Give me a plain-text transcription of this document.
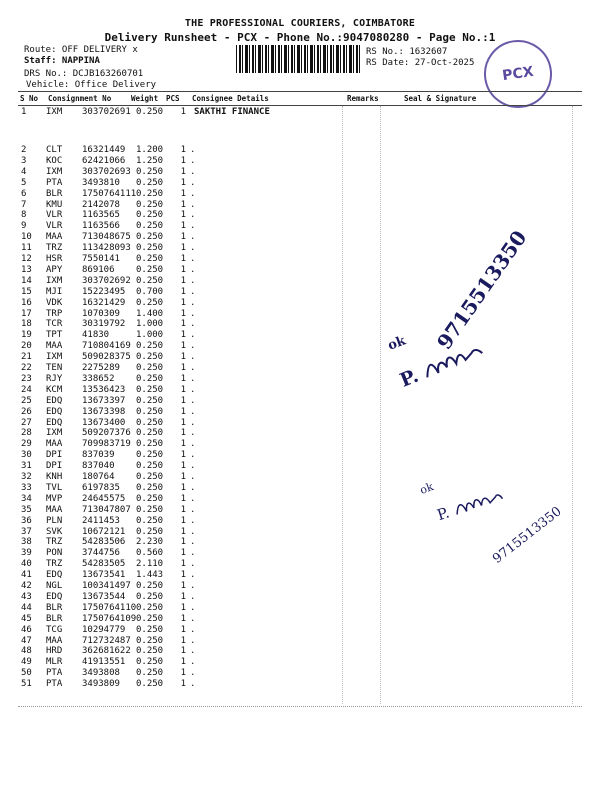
THE PROFESSIONAL COURIERS, COIMBATORE
Delivery Runsheet - PCX - Phone No.:9047080280 - Page No.:1
Route: OFF DELIVERY x
Staff: NAPPINA
DRS No.: DCJB163260701
Vehicle: Office Delivery
RS No.: 1632607
RS Date: 27-Oct-2025
PCX
S No Consignment No	Weight PCS Consignee Details	Remarks	Seal & Signature
1 IXM 303702691 0.250 1 SAKTHI FINANCE
2 CLT 16321449 1.200 1 .
3 KOC 62421066 1.250 1 .
4 IXM 303702693 0.250 1 .
5 PTA 3493810 0.250 1 .
6 BLR 1750764111 0.250 1 .
7 KMU 2142078 0.250 1 .
8 VLR 1163565 0.250 1 .
9 VLR 1163566 0.250 1 .
10 MAA 713048675 0.250 1 .
11 TRZ 113428093 0.250 1 .
12 HSR 7550141 0.250 1 .
13 APY 869106 0.250 1 .
14 IXM 303702692 0.250 1 .
15 MJI 15223495 0.700 1 .
16 VDK 16321429 0.250 1 .
17 TRP 1070309 1.400 1 .
18 TCR 30319792 1.000 1 .
19 TPT 41830	1.000 1 .
20 MAA 710804169 0.250 1 .
21 IXM 509028375 0.250 1 .
22 TEN 2275289 0.250 1 .
23 RJY 338652 0.250 1 .
24 KCM 13536423 0.250 1 .
25 EDQ 13673397 0.250 1 .
26 EDQ 13673398 0.250 1 .
27 EDQ 13673400 0.250 1 .
28 IXM 509207376 0.250 1 .
29 MAA 709983719 0.250 1 .
30 DPI 837039 0.250 1 .
31 DPI 837040 0.250 1 .
32 KNH 180764 0.250 1 .
33 TVL 6197835 0.250 1 .
34 MVP 24645575 0.250 1 .
35 MAA 713047807 0.250 1 .
36 PLN 2411453 0.250 1 .
37 SVK 10672121 0.250 1 .
38 TRZ 54283506 2.230 1 .
39 PON 3744756 0.560 1 .
40 TRZ 54283505 2.110 1 .
41 EDQ 13673541 1.443 1 .
42 NGL 100341497 0.250 1 .
43 EDQ 13673544 0.250 1 .
44 BLR 1750764110 0.250 1 .
45 BLR 1750764109 0.250 1 .
46 TCG 10294779 0.250 1 .
47 MAA 712732487 0.250 1 .
48 HRD 362681622 0.250 1 .
49 MLR 41913551 0.250 1 .
50 PTA 3493808 0.250 1 .
51 PTA 3493809 0.250 1 .
ok
P.
9715513350
ok
P.	9715513350
